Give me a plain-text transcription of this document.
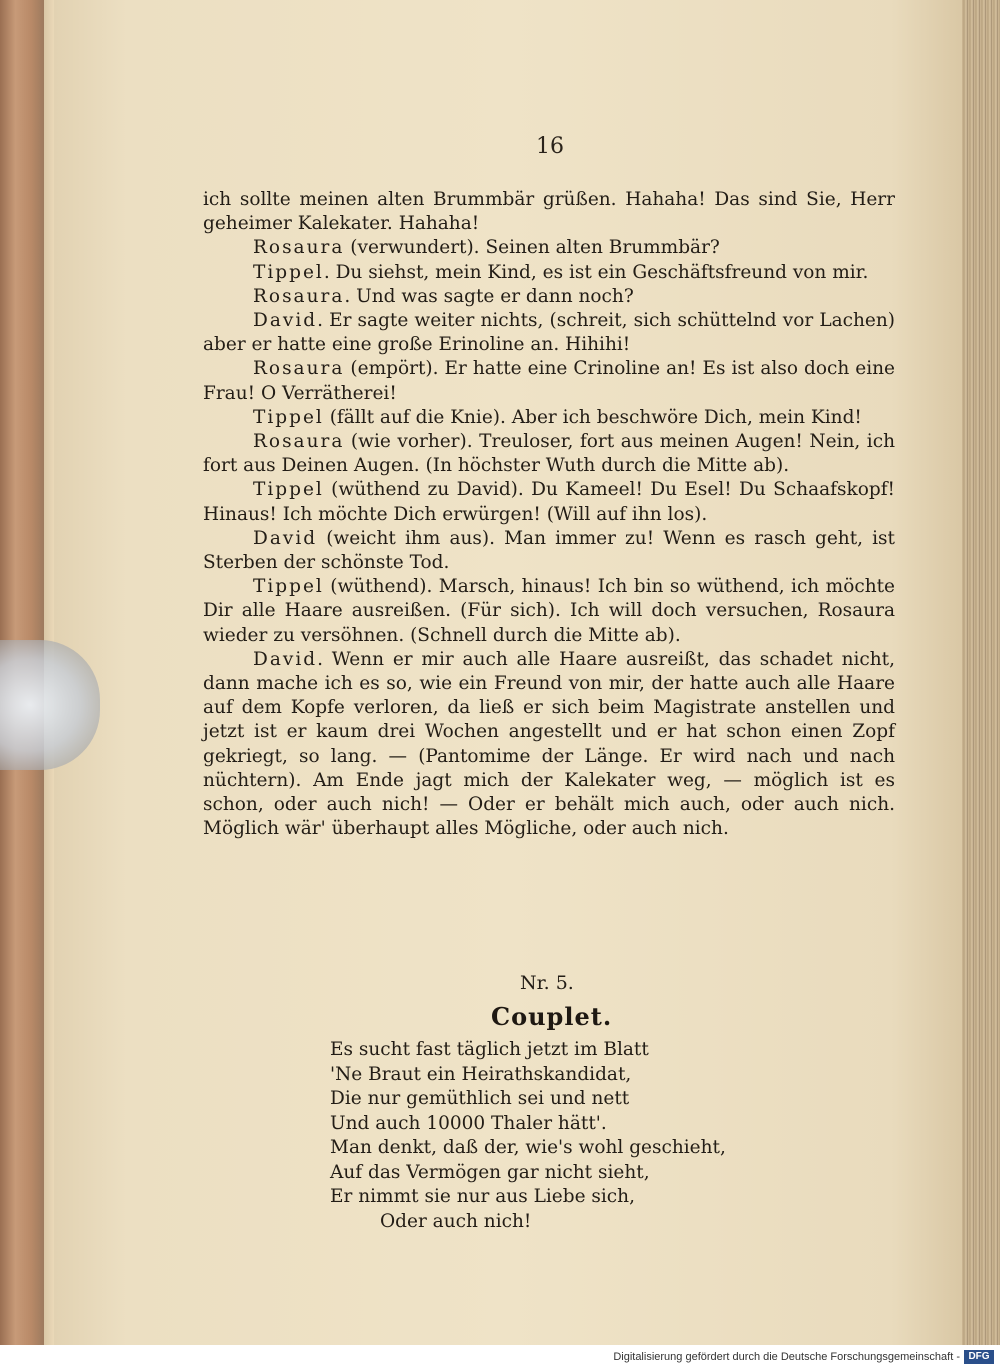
16

ich sollte meinen alten Brummbär grüßen. Hahaha! Das sind Sie, Herr geheimer Kalekater. Hahaha!

Rosaura (verwundert). Seinen alten Brummbär?

Tippel. Du siehst, mein Kind, es ist ein Geschäftsfreund von mir.

Rosaura. Und was sagte er dann noch?

David. Er sagte weiter nichts, (schreit, sich schüttelnd vor Lachen) aber er hatte eine große Erinoline an. Hihihi!

Rosaura (empört). Er hatte eine Crinoline an! Es ist also doch eine Frau! O Verrätherei!

Tippel (fällt auf die Knie). Aber ich beschwöre Dich, mein Kind!

Rosaura (wie vorher). Treuloser, fort aus meinen Augen! Nein, ich fort aus Deinen Augen. (In höchster Wuth durch die Mitte ab).

Tippel (wüthend zu David). Du Kameel! Du Esel! Du Schaafskopf! Hinaus! Ich möchte Dich erwürgen! (Will auf ihn los).

David (weicht ihm aus). Man immer zu! Wenn es rasch geht, ist Sterben der schönste Tod.

Tippel (wüthend). Marsch, hinaus! Ich bin so wüthend, ich möchte Dir alle Haare ausreißen. (Für sich). Ich will doch versuchen, Rosaura wieder zu versöhnen. (Schnell durch die Mitte ab).

David. Wenn er mir auch alle Haare ausreißt, das schadet nicht, dann mache ich es so, wie ein Freund von mir, der hatte auch alle Haare auf dem Kopfe verloren, da ließ er sich beim Magistrate anstellen und jetzt ist er kaum drei Wochen angestellt und er hat schon einen Zopf gekriegt, so lang. — (Pantomime der Länge. Er wird nach und nach nüchtern). Am Ende jagt mich der Kalekater weg, — möglich ist es schon, oder auch nich! — Oder er behält mich auch, oder auch nich. Möglich wär' überhaupt alles Mögliche, oder auch nich.

Nr. 5.
Couplet.
Es sucht fast täglich jetzt im Blatt
'Ne Braut ein Heirathskandidat,
Die nur gemüthlich sei und nett
Und auch 10000 Thaler hätt'.
Man denkt, daß der, wie's wohl geschieht,
Auf das Vermögen gar nicht sieht,
Er nimmt sie nur aus Liebe sich,
Oder auch nich!
Digitalisierung gefördert durch die Deutsche Forschungsgemeinschaft - DFG
